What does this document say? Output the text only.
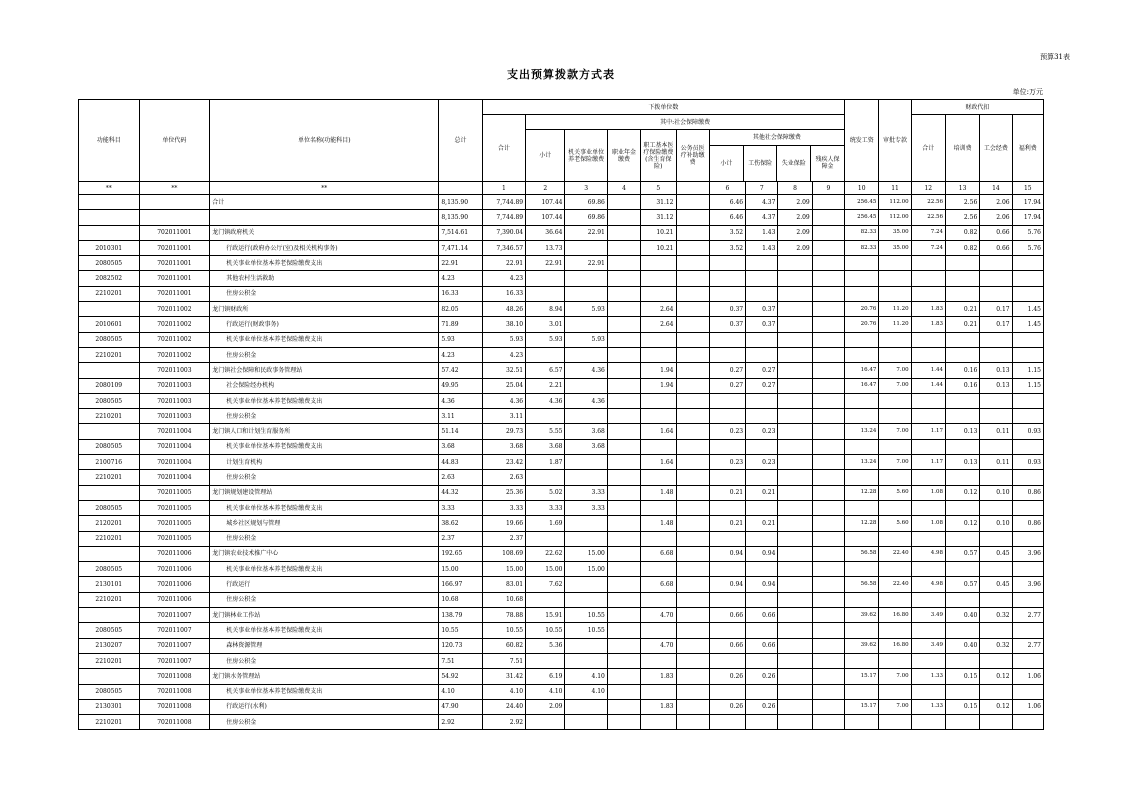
预算31表
支出预算拨款方式表
单位:万元
功能科目	单位代码	单位名称(功能科目)	总计	下拨单位数	统发工资	审批专款	财政代扣
合计	其中:社会保障缴费	合计	培训费	工会经费	福利费
小计	机关事业单位养老保险缴费	职业年金缴费	职工基本医疗保险缴费(含生育保险)	公务员医疗补助缴费	
其他社会保障缴费
小计	工伤保险	失业保险	残疾人保障金

**	**	**		1	2	3	4	5		6	7	8	9	10	11	12	13	14	15
		合计	8,135.90	7,744.89	107.44	69.86		31.12		6.46	4.37	2.09		256.45	112.00	22.56	2.56	2.06	17.94
			8,135.90	7,744.89	107.44	69.86		31.12		6.46	4.37	2.09		256.45	112.00	22.56	2.56	2.06	17.94
	702011001	龙门镇政府机关	7,514.61	7,390.04	36.64	22.91		10.21		3.52	1.43	2.09		82.33	35.00	7.24	0.82	0.66	5.76
2010301	702011001	行政运行(政府办公厅(室)及相关机构事务)	7,471.14	7,346.57	13.73			10.21		3.52	1.43	2.09		82.33	35.00	7.24	0.82	0.66	5.76
2080505	702011001	机关事业单位基本养老保险缴费支出	22.91	22.91	22.91	22.91													
2082502	702011001	其他农村生活救助	4.23	4.23															
2210201	702011001	住房公积金	16.33	16.33															
	702011002	龙门镇财政所	82.05	48.26	8.94	5.93		2.64		0.37	0.37			20.76	11.20	1.83	0.21	0.17	1.45
2010601	702011002	行政运行(财政事务)	71.89	38.10	3.01			2.64		0.37	0.37			20.76	11.20	1.83	0.21	0.17	1.45
2080505	702011002	机关事业单位基本养老保险缴费支出	5.93	5.93	5.93	5.93													
2210201	702011002	住房公积金	4.23	4.23															
	702011003	龙门镇社会保障和民政事务管理站	57.42	32.51	6.57	4.36		1.94		0.27	0.27			16.47	7.00	1.44	0.16	0.13	1.15
2080109	702011003	社会保险经办机构	49.95	25.04	2.21			1.94		0.27	0.27			16.47	7.00	1.44	0.16	0.13	1.15
2080505	702011003	机关事业单位基本养老保险缴费支出	4.36	4.36	4.36	4.36													
2210201	702011003	住房公积金	3.11	3.11															
	702011004	龙门镇人口和计划生育服务所	51.14	29.73	5.55	3.68		1.64		0.23	0.23			13.24	7.00	1.17	0.13	0.11	0.93
2080505	702011004	机关事业单位基本养老保险缴费支出	3.68	3.68	3.68	3.68													
2100716	702011004	计划生育机构	44.83	23.42	1.87			1.64		0.23	0.23			13.24	7.00	1.17	0.13	0.11	0.93
2210201	702011004	住房公积金	2.63	2.63															
	702011005	龙门镇规划建设管理站	44.32	25.36	5.02	3.33		1.48		0.21	0.21			12.28	5.60	1.08	0.12	0.10	0.86
2080505	702011005	机关事业单位基本养老保险缴费支出	3.33	3.33	3.33	3.33													
2120201	702011005	城乡社区规划与管理	38.62	19.66	1.69			1.48		0.21	0.21			12.28	5.60	1.08	0.12	0.10	0.86
2210201	702011005	住房公积金	2.37	2.37															
	702011006	龙门镇农业技术推广中心	192.65	108.69	22.62	15.00		6.68		0.94	0.94			56.58	22.40	4.98	0.57	0.45	3.96
2080505	702011006	机关事业单位基本养老保险缴费支出	15.00	15.00	15.00	15.00													
2130101	702011006	行政运行	166.97	83.01	7.62			6.68		0.94	0.94			56.58	22.40	4.98	0.57	0.45	3.96
2210201	702011006	住房公积金	10.68	10.68															
	702011007	龙门镇林业工作站	138.79	78.88	15.91	10.55		4.70		0.66	0.66			39.62	16.80	3.49	0.40	0.32	2.77
2080505	702011007	机关事业单位基本养老保险缴费支出	10.55	10.55	10.55	10.55													
2130207	702011007	森林资源管理	120.73	60.82	5.36			4.70		0.66	0.66			39.62	16.80	3.49	0.40	0.32	2.77
2210201	702011007	住房公积金	7.51	7.51															
	702011008	龙门镇水务管理站	54.92	31.42	6.19	4.10		1.83		0.26	0.26			15.17	7.00	1.33	0.15	0.12	1.06
2080505	702011008	机关事业单位基本养老保险缴费支出	4.10	4.10	4.10	4.10													
2130301	702011008	行政运行(水利)	47.90	24.40	2.09			1.83		0.26	0.26			15.17	7.00	1.33	0.15	0.12	1.06
2210201	702011008	住房公积金	2.92	2.92															
